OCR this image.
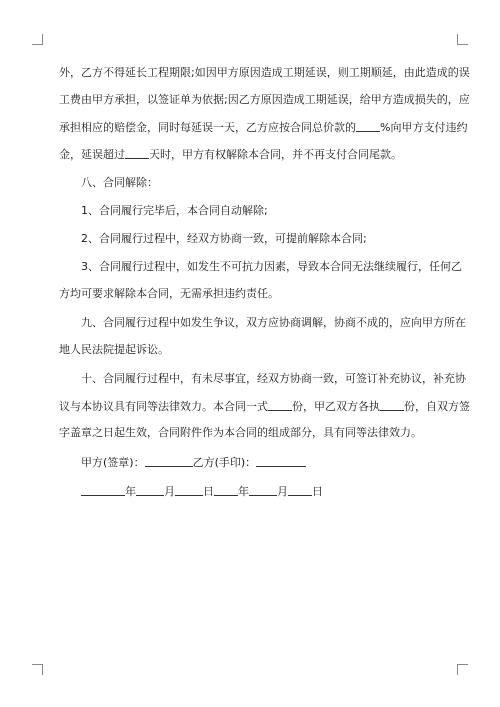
外，乙方不得延长工程期限;如因甲方原因造成工期延误，则工期顺延，由此造成的误
工费由甲方承担，以签证单为依据;因乙方原因造成工期延误，给甲方造成损失的，应
承担相应的赔偿金，同时每延误一天，乙方应按合同总价款的 %向甲方支付违约
金，延误超过 天时，甲方有权解除本合同，并不再支付合同尾款。
八、合同解除：
1、合同履行完毕后，本合同自动解除;
2、合同履行过程中，经双方协商一致，可提前解除本合同;
3、合同履行过程中，如发生不可抗力因素，导致本合同无法继续履行，任何乙
方均可要求解除本合同，无需承担违约责任。
九、合同履行过程中如发生争议，双方应协商调解，协商不成的，应向甲方所在
地人民法院提起诉讼。
十、合同履行过程中，有未尽事宜，经双方协商一致，可签订补充协议，补充协
议与本协议具有同等法律效力。本合同一式 份，甲乙双方各执 份，自双方签
字盖章之日起生效，合同附件作为本合同的组成部分，具有同等法律效力。
甲方(签章)：	乙方(手印)：
年	月	日 年	月 日
